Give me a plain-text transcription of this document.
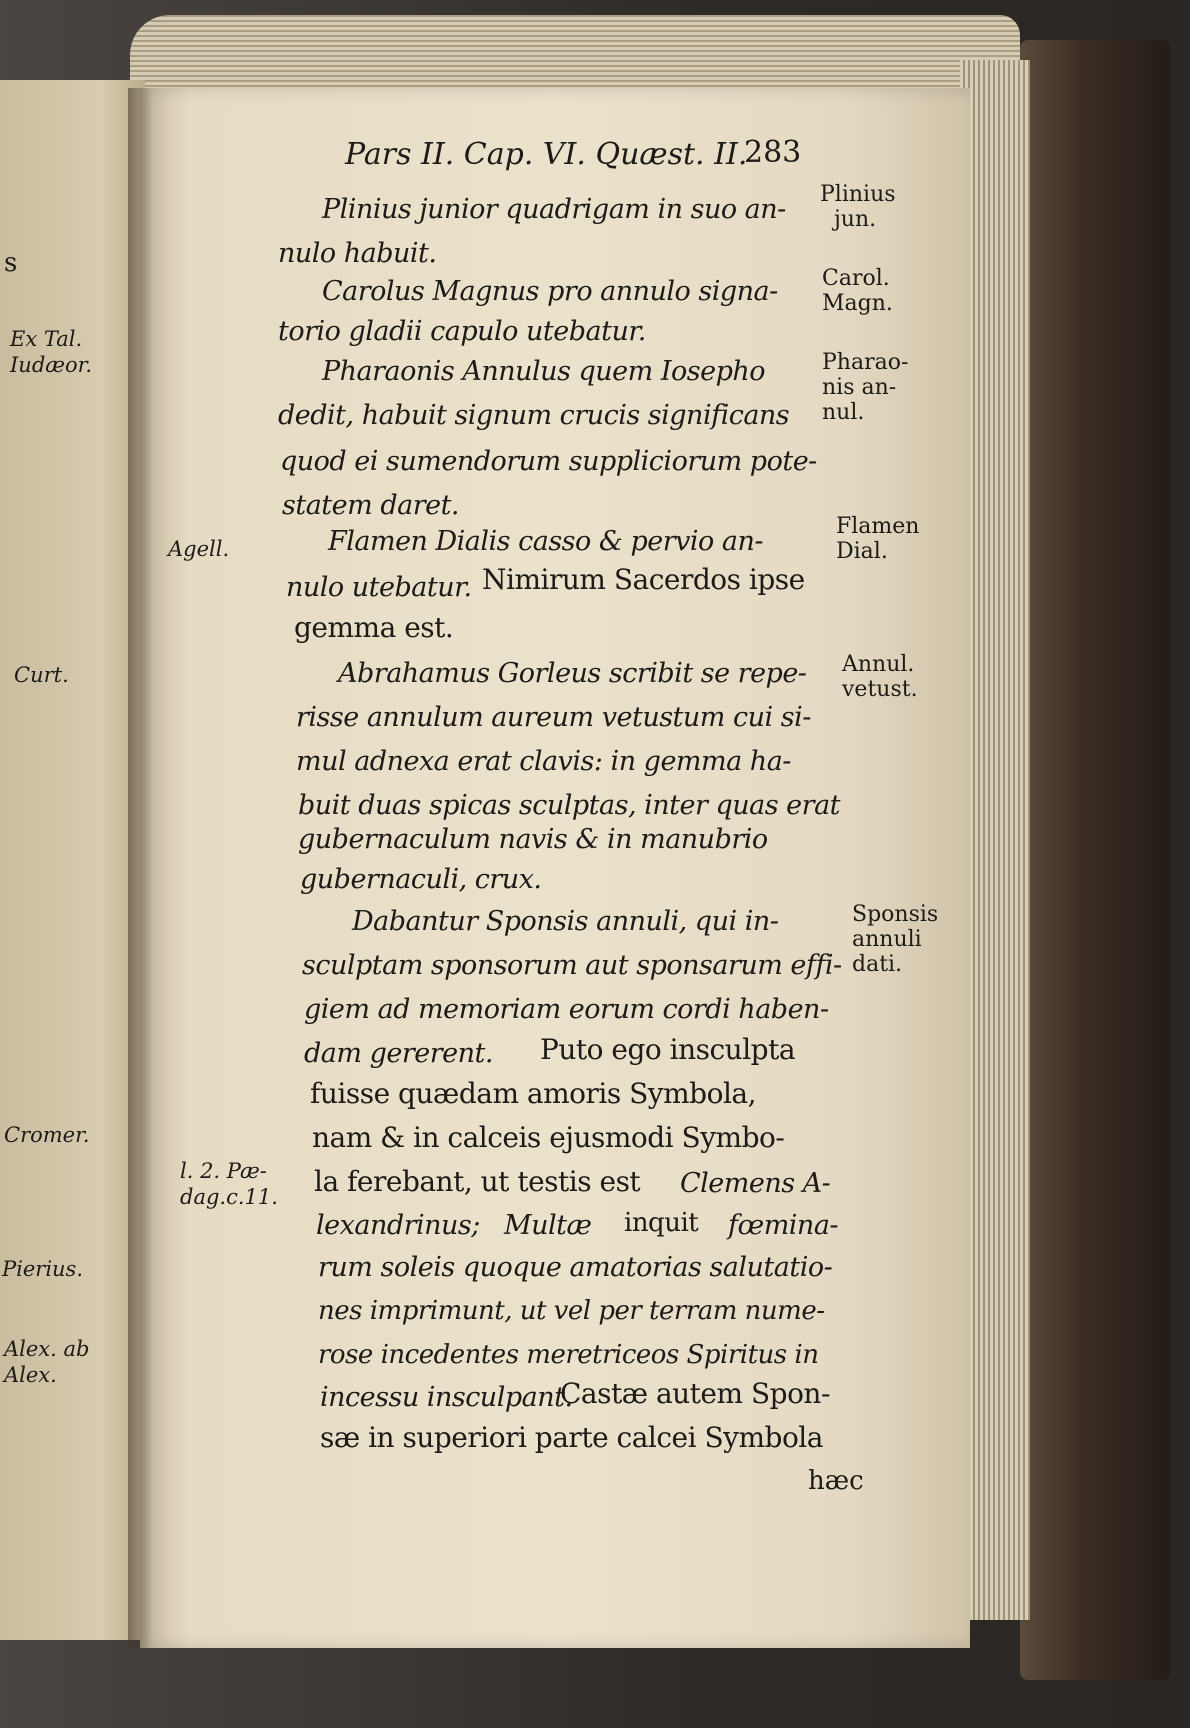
Pars II. Cap. VI. Quæst. II.
283
Plinius junior quadrigam in suo an-
nulo habuit.
Carolus Magnus pro annulo signa-
torio gladii capulo utebatur.
Pharaonis Annulus quem Iosepho
dedit, habuit signum crucis significans
quod ei sumendorum suppliciorum pote-
statem daret.
Flamen Dialis casso & pervio an-
nulo utebatur. Nimirum Sacerdos ipse
gemma est.
Abrahamus Gorleus scribit se repe-
risse annulum aureum vetustum cui si-
mul adnexa erat clavis: in gemma ha-
buit duas spicas sculptas, inter quas erat
gubernaculum navis & in manubrio
gubernaculi, crux.
Dabantur Sponsis annuli, qui in-
sculptam sponsorum aut sponsarum effi-
giem ad memoriam eorum cordi haben-
dam gererent. Puto ego insculpta
fuisse quædam amoris Symbola,
nam & in calceis ejusmodi Symbo-
la ferebant, ut testis est Clemens A-
lexandrinus; Multæ inquit fœmina-
rum soleis quoque amatorias salutatio-
nes imprimunt, ut vel per terram nume-
rose incedentes meretriceos Spiritus in
incessu insculpant.
Castæ autem Spon-
sæ in superiori parte calcei Symbola
hæc
Plinius
jun.
Carol.
Magn.
Pharao-
nis an-
nul.
Flamen
Dial.
Annul.
vetust.
Sponsis
annuli
dati.
Agell.
l. 2. Pæ-
dag.c.11.
s
Ex Tal.
Iudæor.
Curt.
Cromer.
Pierius.
Alex. ab
Alex.
